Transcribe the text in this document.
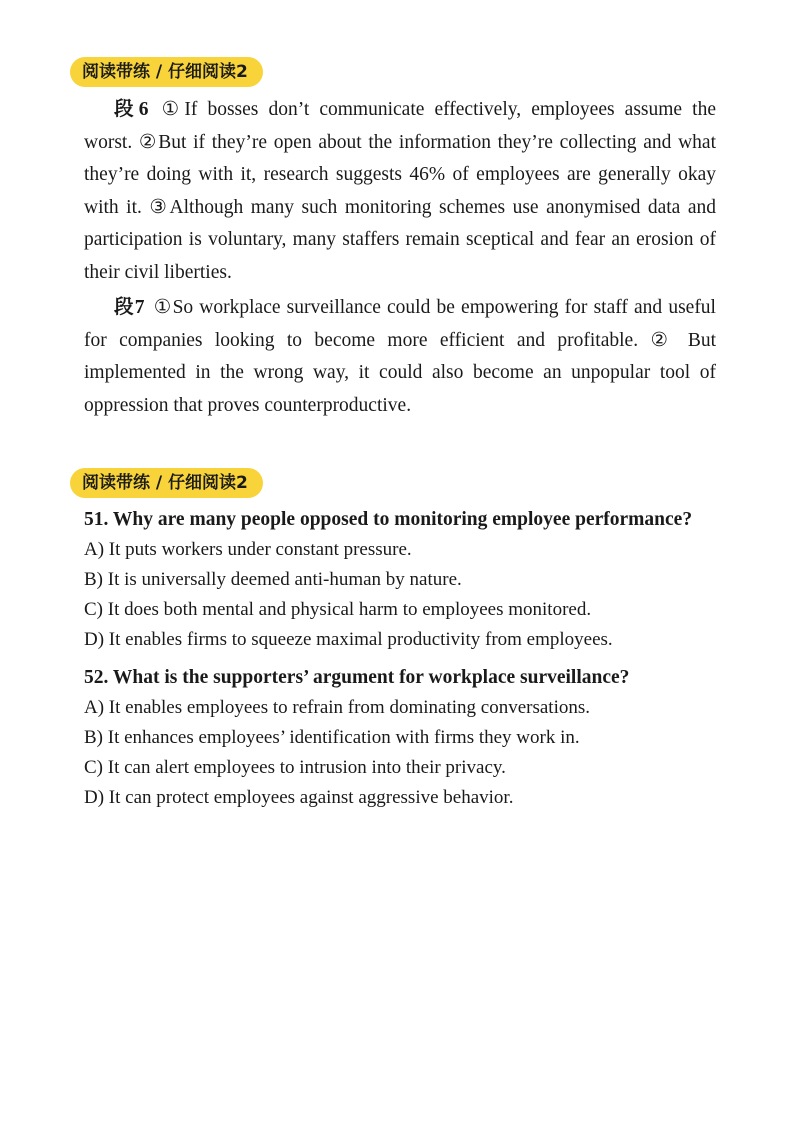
阅读带练 / 仔细阅读2

段6 ①If bosses don’t communicate effectively, employees assume the worst. ②But if they’re open about the information they’re collecting and what they’re doing with it, research suggests 46% of employees are generally okay with it. ③Although many such monitoring schemes use anonymised data and participation is voluntary, many staffers remain sceptical and fear an erosion of their civil liberties.

段7 ①So workplace surveillance could be empowering for staff and useful for companies looking to become more efficient and profitable. ② But implemented in the wrong way, it could also become an unpopular tool of oppression that proves counterproductive.

阅读带练 / 仔细阅读2
51. Why are many people opposed to monitoring employee performance?
A) It puts workers under constant pressure.
B) It is universally deemed anti-human by nature.
C) It does both mental and physical harm to employees monitored.
D) It enables firms to squeeze maximal productivity from employees.
52. What is the supporters’ argument for workplace surveillance?
A) It enables employees to refrain from dominating conversations.
B) It enhances employees’ identification with firms they work in.
C) It can alert employees to intrusion into their privacy.
D) It can protect employees against aggressive behavior.
